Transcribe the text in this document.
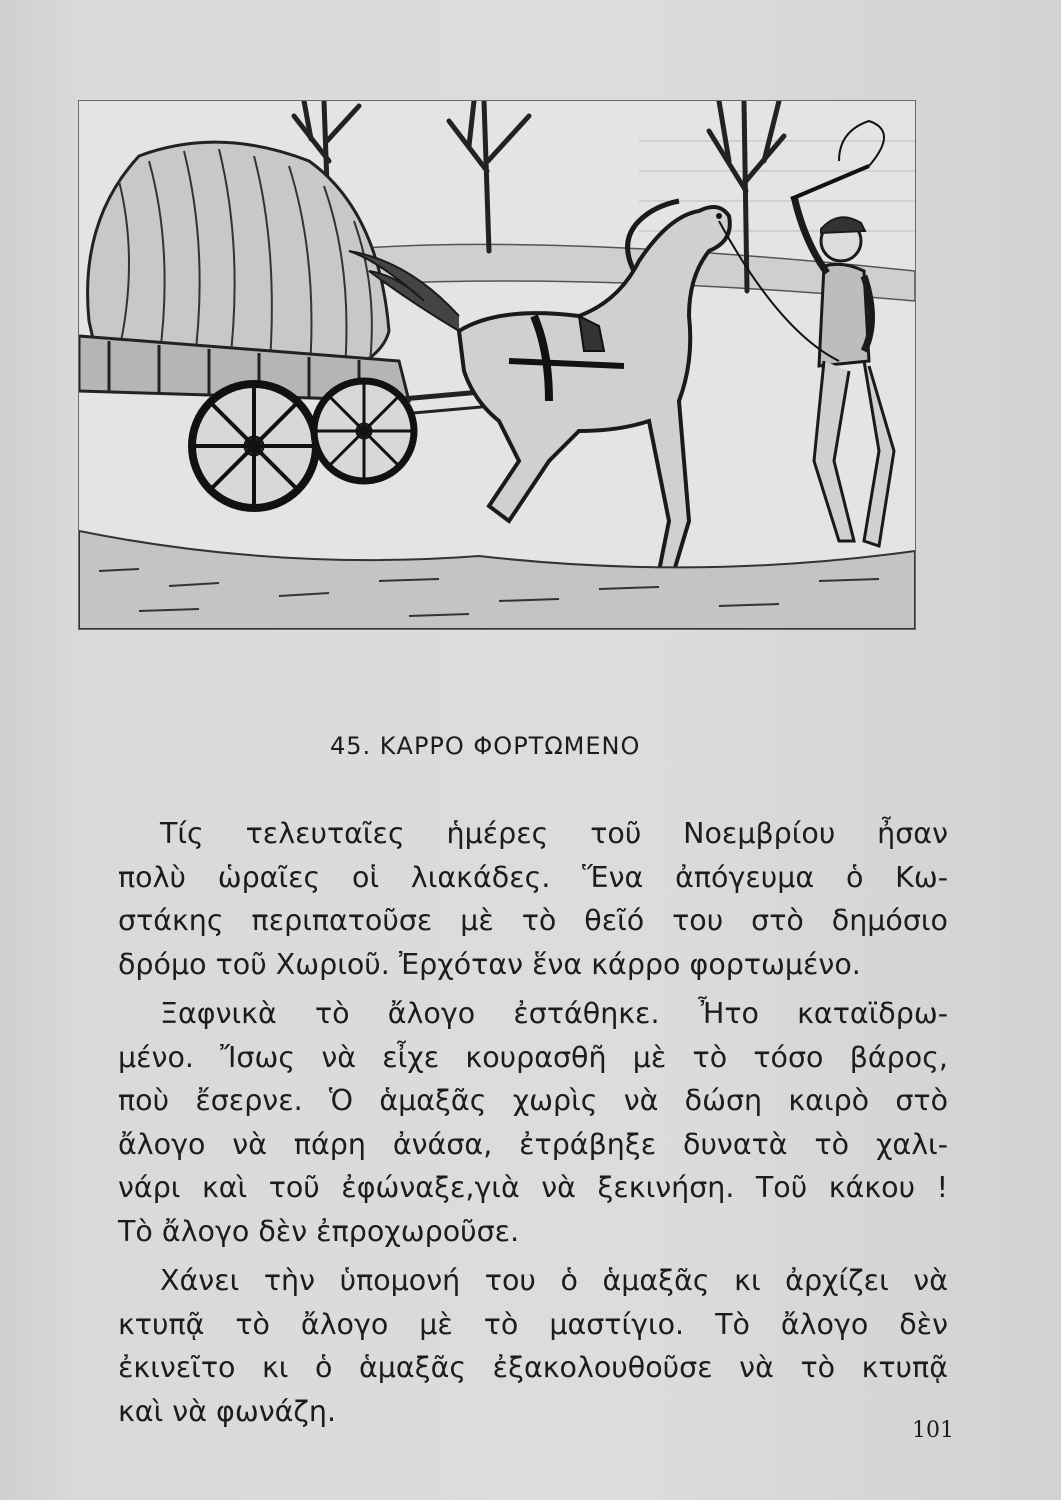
45. ΚΑΡΡΟ ΦΟΡΤΩΜΕΝΟ
Τίς τελευταῖες ἡμέρες τοῦ Νοεμβρίου ἦσαν
πολὺ ὡραῖες οἱ λιακάδες. Ἕνα ἀπόγευμα ὁ Κω-
στάκης περιπατοῦσε μὲ τὸ θεῖό του στὸ δημόσιο
δρόμο τοῦ Χωριοῦ. Ἐρχόταν ἕνα κάρρο φορτωμένο.
Ξαφνικὰ τὸ ἄλογο ἐστάθηκε. Ἦτο καταϊδρω-
μένο. Ἴσως νὰ εἶχε κουρασθῆ μὲ τὸ τόσο βάρος,
ποὺ ἔσερνε. Ὁ ἁμαξᾶς χωρὶς νὰ δώση καιρὸ στὸ
ἄλογο νὰ πάρη ἀνάσα, ἐτράβηξε δυνατὰ τὸ χαλι-
νάρι καὶ τοῦ ἐφώναξε,γιὰ νὰ ξεκινήση. Τοῦ κάκου !
Τὸ ἄλογο δὲν ἐπροχωροῦσε.
Χάνει τὴν ὑπομονή του ὁ ἁμαξᾶς κι ἀρχίζει νὰ
κτυπᾷ τὸ ἄλογο μὲ τὸ μαστίγιο. Τὸ ἄλογο δὲν
ἐκινεῖτο κι ὁ ἁμαξᾶς ἐξακολουθοῦσε νὰ τὸ κτυπᾷ
καὶ νὰ φωνάζη.
101
